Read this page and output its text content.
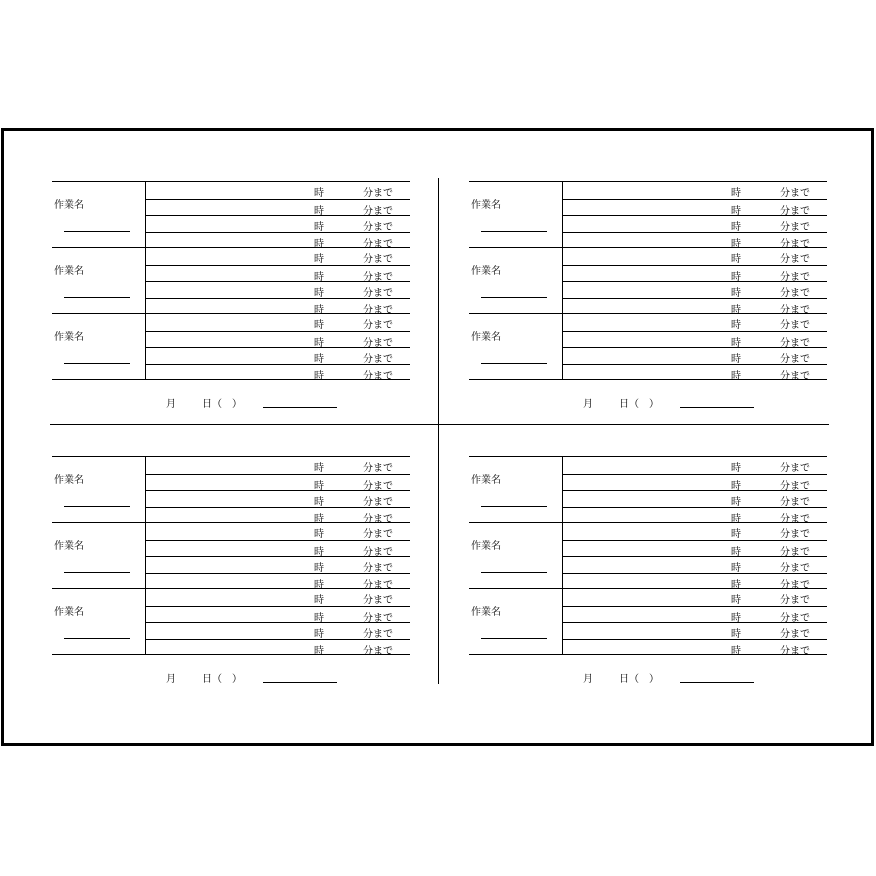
作業名
時	分まで
時	分まで
時	分まで
時	分まで
作業名
時	分まで
時	分まで
時	分まで
時	分まで
作業名
時	分まで
時	分まで
時	分まで
時	分まで
月	日（　）
作業名
時	分まで
時	分まで
時	分まで
時	分まで
作業名
時	分まで
時	分まで
時	分まで
時	分まで
作業名
時	分まで
時	分まで
時	分まで
時	分まで
月	日（　）
作業名
時	分まで
時	分まで
時	分まで
時	分まで
作業名
時	分まで
時	分まで
時	分まで
時	分まで
作業名
時	分まで
時	分まで
時	分まで
時	分まで
月	日（　）
作業名
時	分まで
時	分まで
時	分まで
時	分まで
作業名
時	分まで
時	分まで
時	分まで
時	分まで
作業名
時	分まで
時	分まで
時	分まで
時	分まで
月	日（　）
